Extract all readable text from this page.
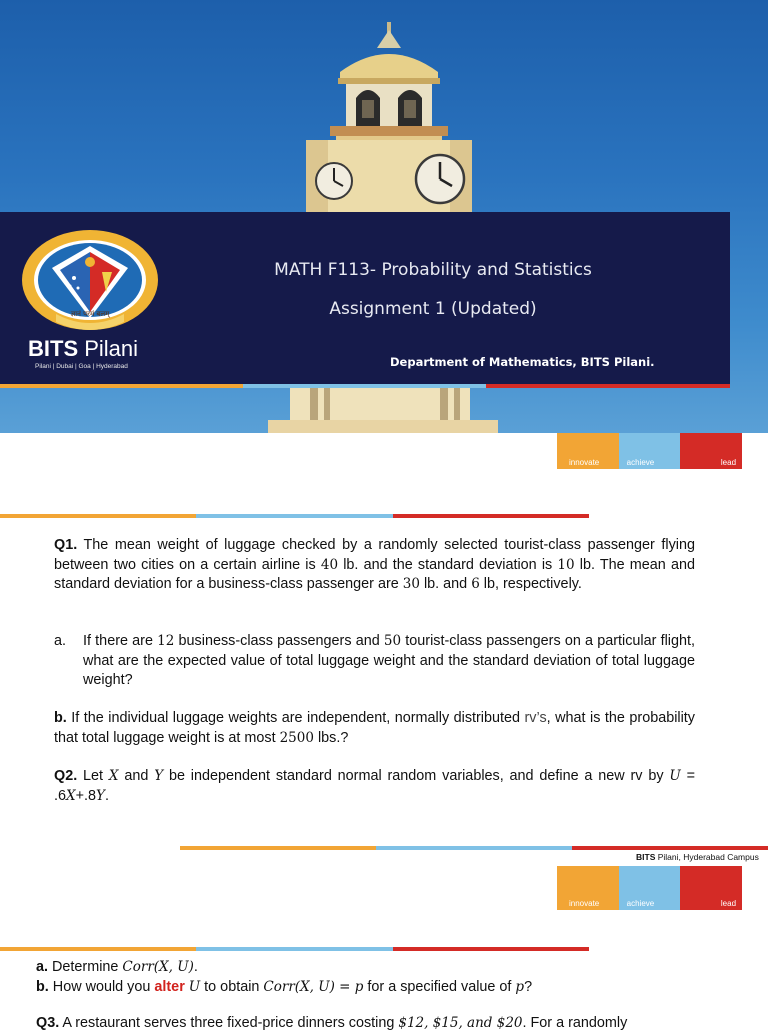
ज्ञानं परमं बलम्
BITS Pilani
Pilani | Dubai | Goa | Hyderabad
MATH F113- Probability and Statistics
Assignment 1 (Updated)
Department of Mathematics, BITS Pilani.
innovate	achieve	lead
Q1. The mean weight of luggage checked by a randomly selected tourist-class passenger flying between two cities on a certain airline is 40 lb. and the standard deviation is 10 lb. The mean and standard deviation for a business-class passenger are 30 lb. and 6 lb, respectively.
a.	If there are 12 business-class passengers and 50 tourist-class passengers on a particular flight, what are the expected value of total luggage weight and the standard deviation of total luggage weight?
b. If the individual luggage weights are independent, normally distributed rv’s, what is the probability that total luggage weight is at most 2500 lbs.?
Q2. Let X and Y be independent standard normal random variables, and define a new rv by U = .6X+.8Y.
BITS Pilani, Hyderabad Campus
innovate	achieve	lead
a. Determine Corr(X, U).
b. How would you alter U to obtain Corr(X, U) = p for a specified value of p?
Q3. A restaurant serves three fixed-price dinners costing $12, $15, and $20. For a randomly
